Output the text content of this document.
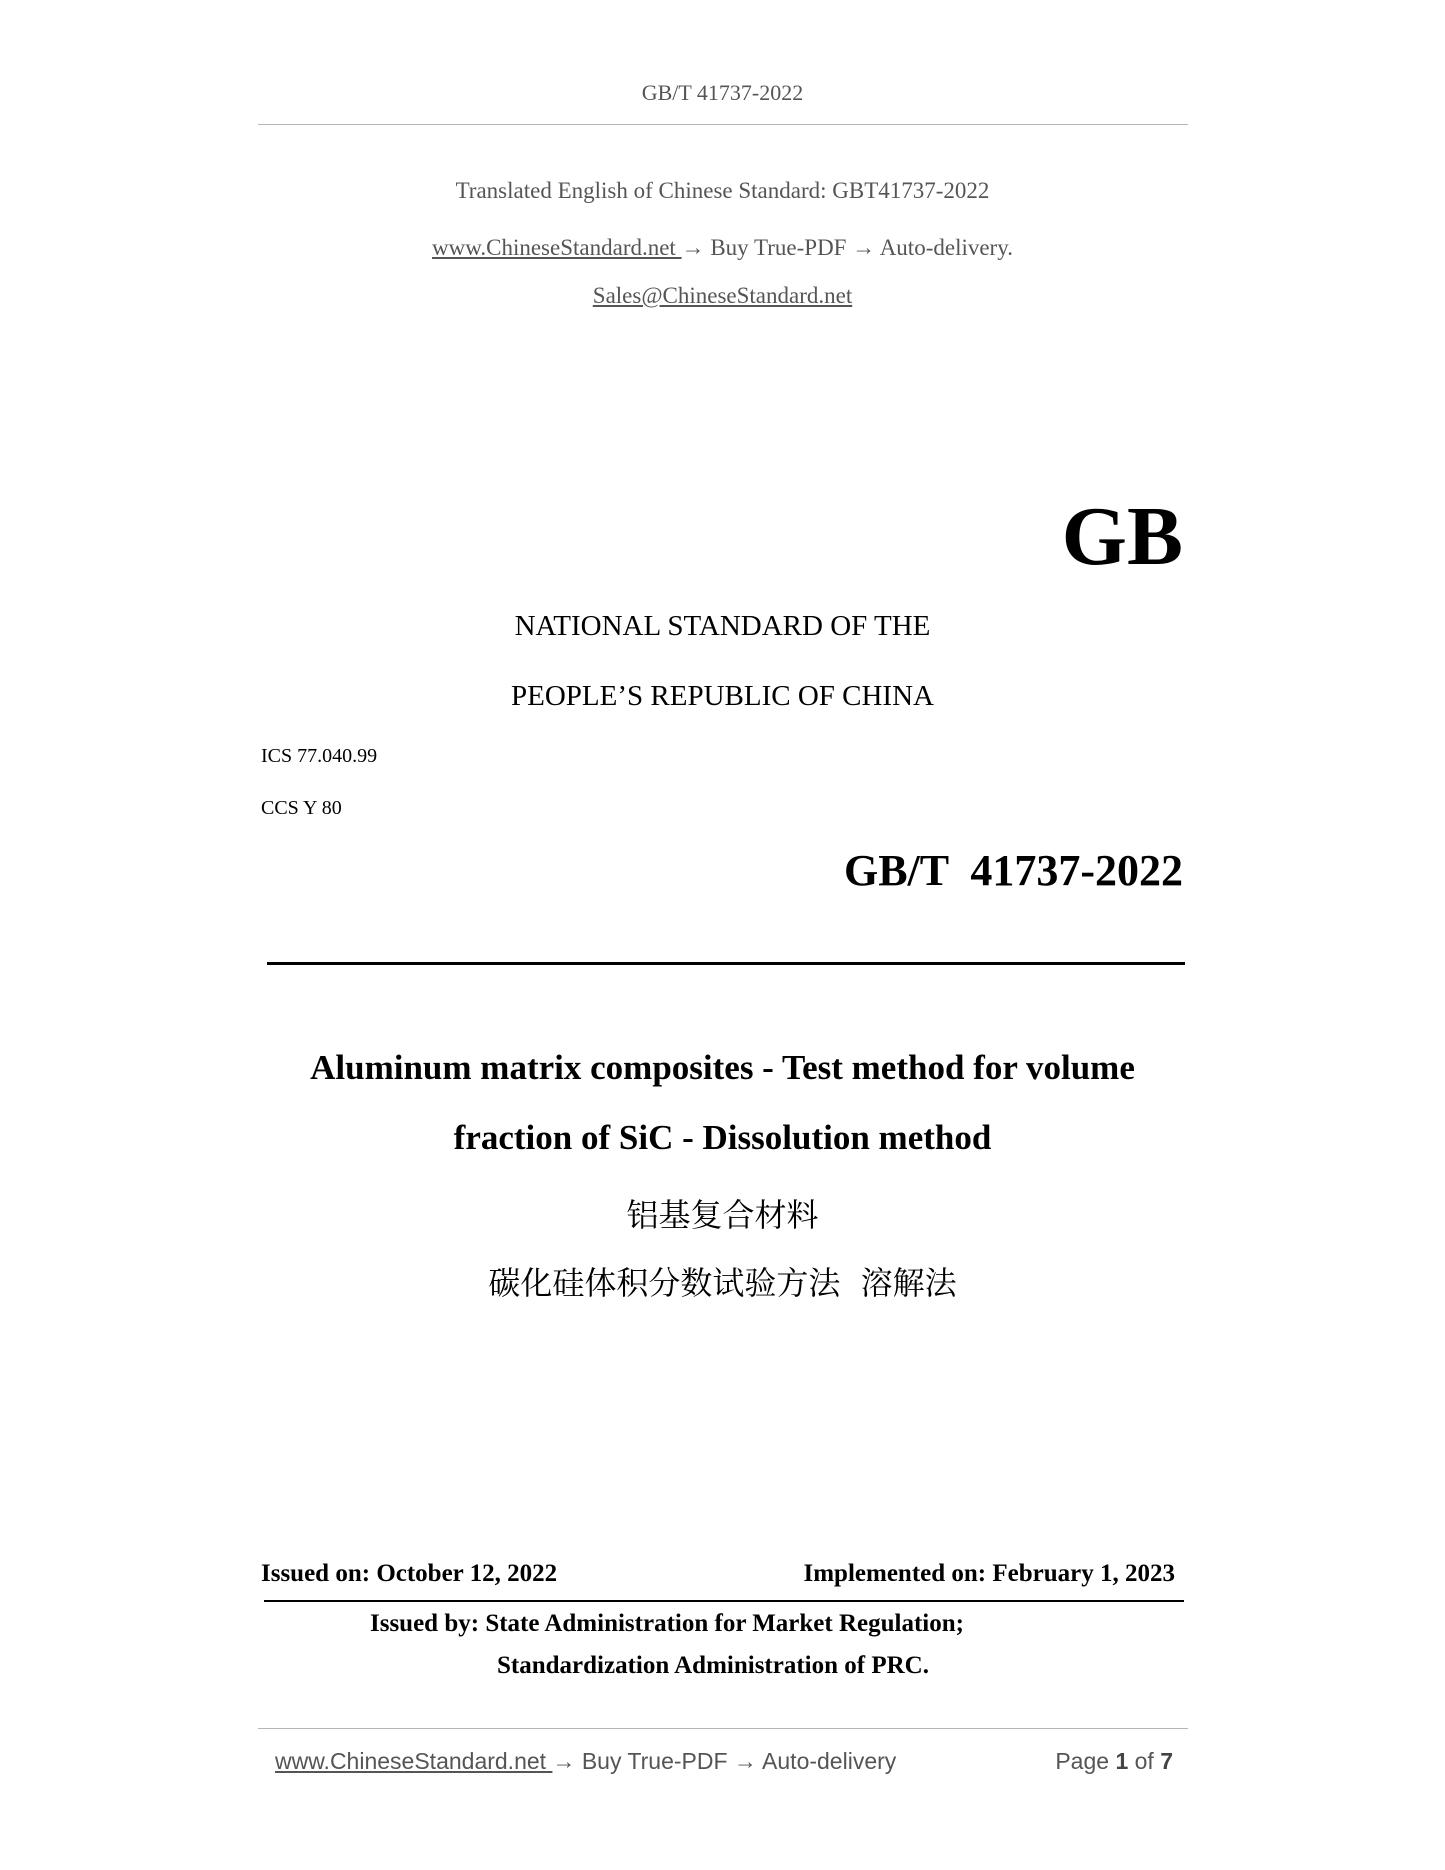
GB/T 41737-2022
Translated English of Chinese Standard: GBT41737-2022
www.ChineseStandard.net → Buy True-PDF → Auto-delivery.
Sales@ChineseStandard.net
GB
NATIONAL STANDARD OF THE
PEOPLE’S REPUBLIC OF CHINA
ICS 77.040.99
CCS Y 80
GB/T  41737-2022
Aluminum matrix composites - Test method for volume
fraction of SiC - Dissolution method
铝基复合材料
碳化硅体积分数试验方法  溶解法
Issued on: October 12, 2022	Implemented on: February 1, 2023
Issued by: State Administration for Market Regulation;
Standardization Administration of PRC.
www.ChineseStandard.net → Buy True-PDF → Auto-delivery	Page 1 of 7
